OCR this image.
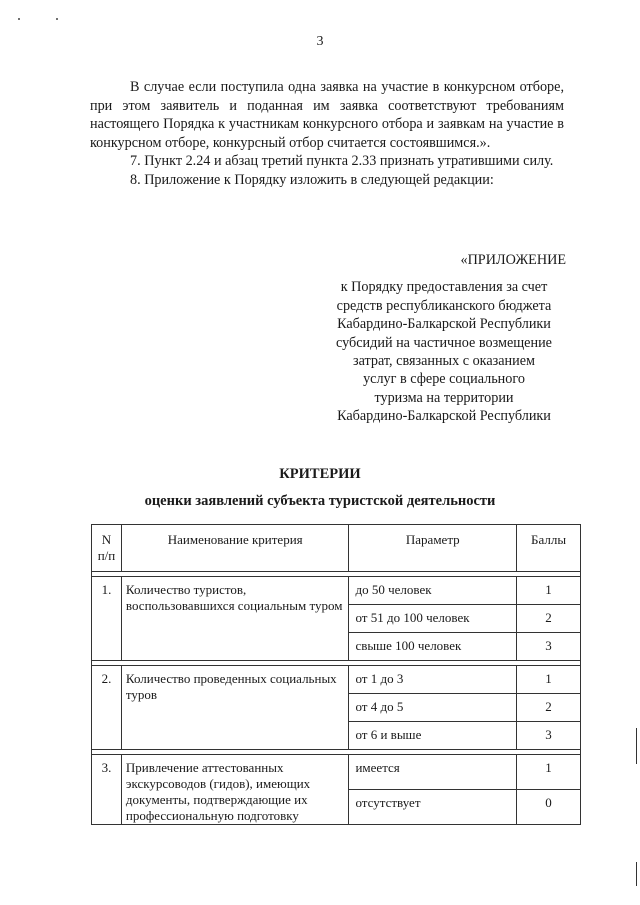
3

В случае если поступила одна заявка на участие в конкурсном отборе, при этом заявитель и поданная им заявка соответствуют требованиям настоящего Порядка к участникам конкурсного отбора и заявкам на участие в конкурсном отборе, конкурсный отбор считается состоявшимся.».

7. Пункт 2.24 и абзац третий пункта 2.33 признать утратившими силу.

8. Приложение к Порядку изложить в следующей редакции:

«ПРИЛОЖЕНИЕ
к Порядку предоставления за счет
средств республиканского бюджета
Кабардино-Балкарской Республики
субсидий на частичное возмещение
затрат, связанных с оказанием
услуг в сфере социального
туризма на территории
Кабардино-Балкарской Республики
КРИТЕРИИ
оценки заявлений субъекта туристской деятельности
N
п/п	Наименование критерия	Параметр	Баллы

1.	Количество туристов, воспользовавшихся социальным туром	до 50 человек	1
		от 51 до 100 человек	2
		свыше 100 человек	3

2.	Количество проведенных социальных туров	от 1 до 3	1
		от 4 до 5	2
		от 6 и выше	3

3.	Привлечение аттестованных экскурсоводов (гидов), имеющих документы, подтверждающие их профессиональную подготовку	имеется	1
		отсутствует	0
